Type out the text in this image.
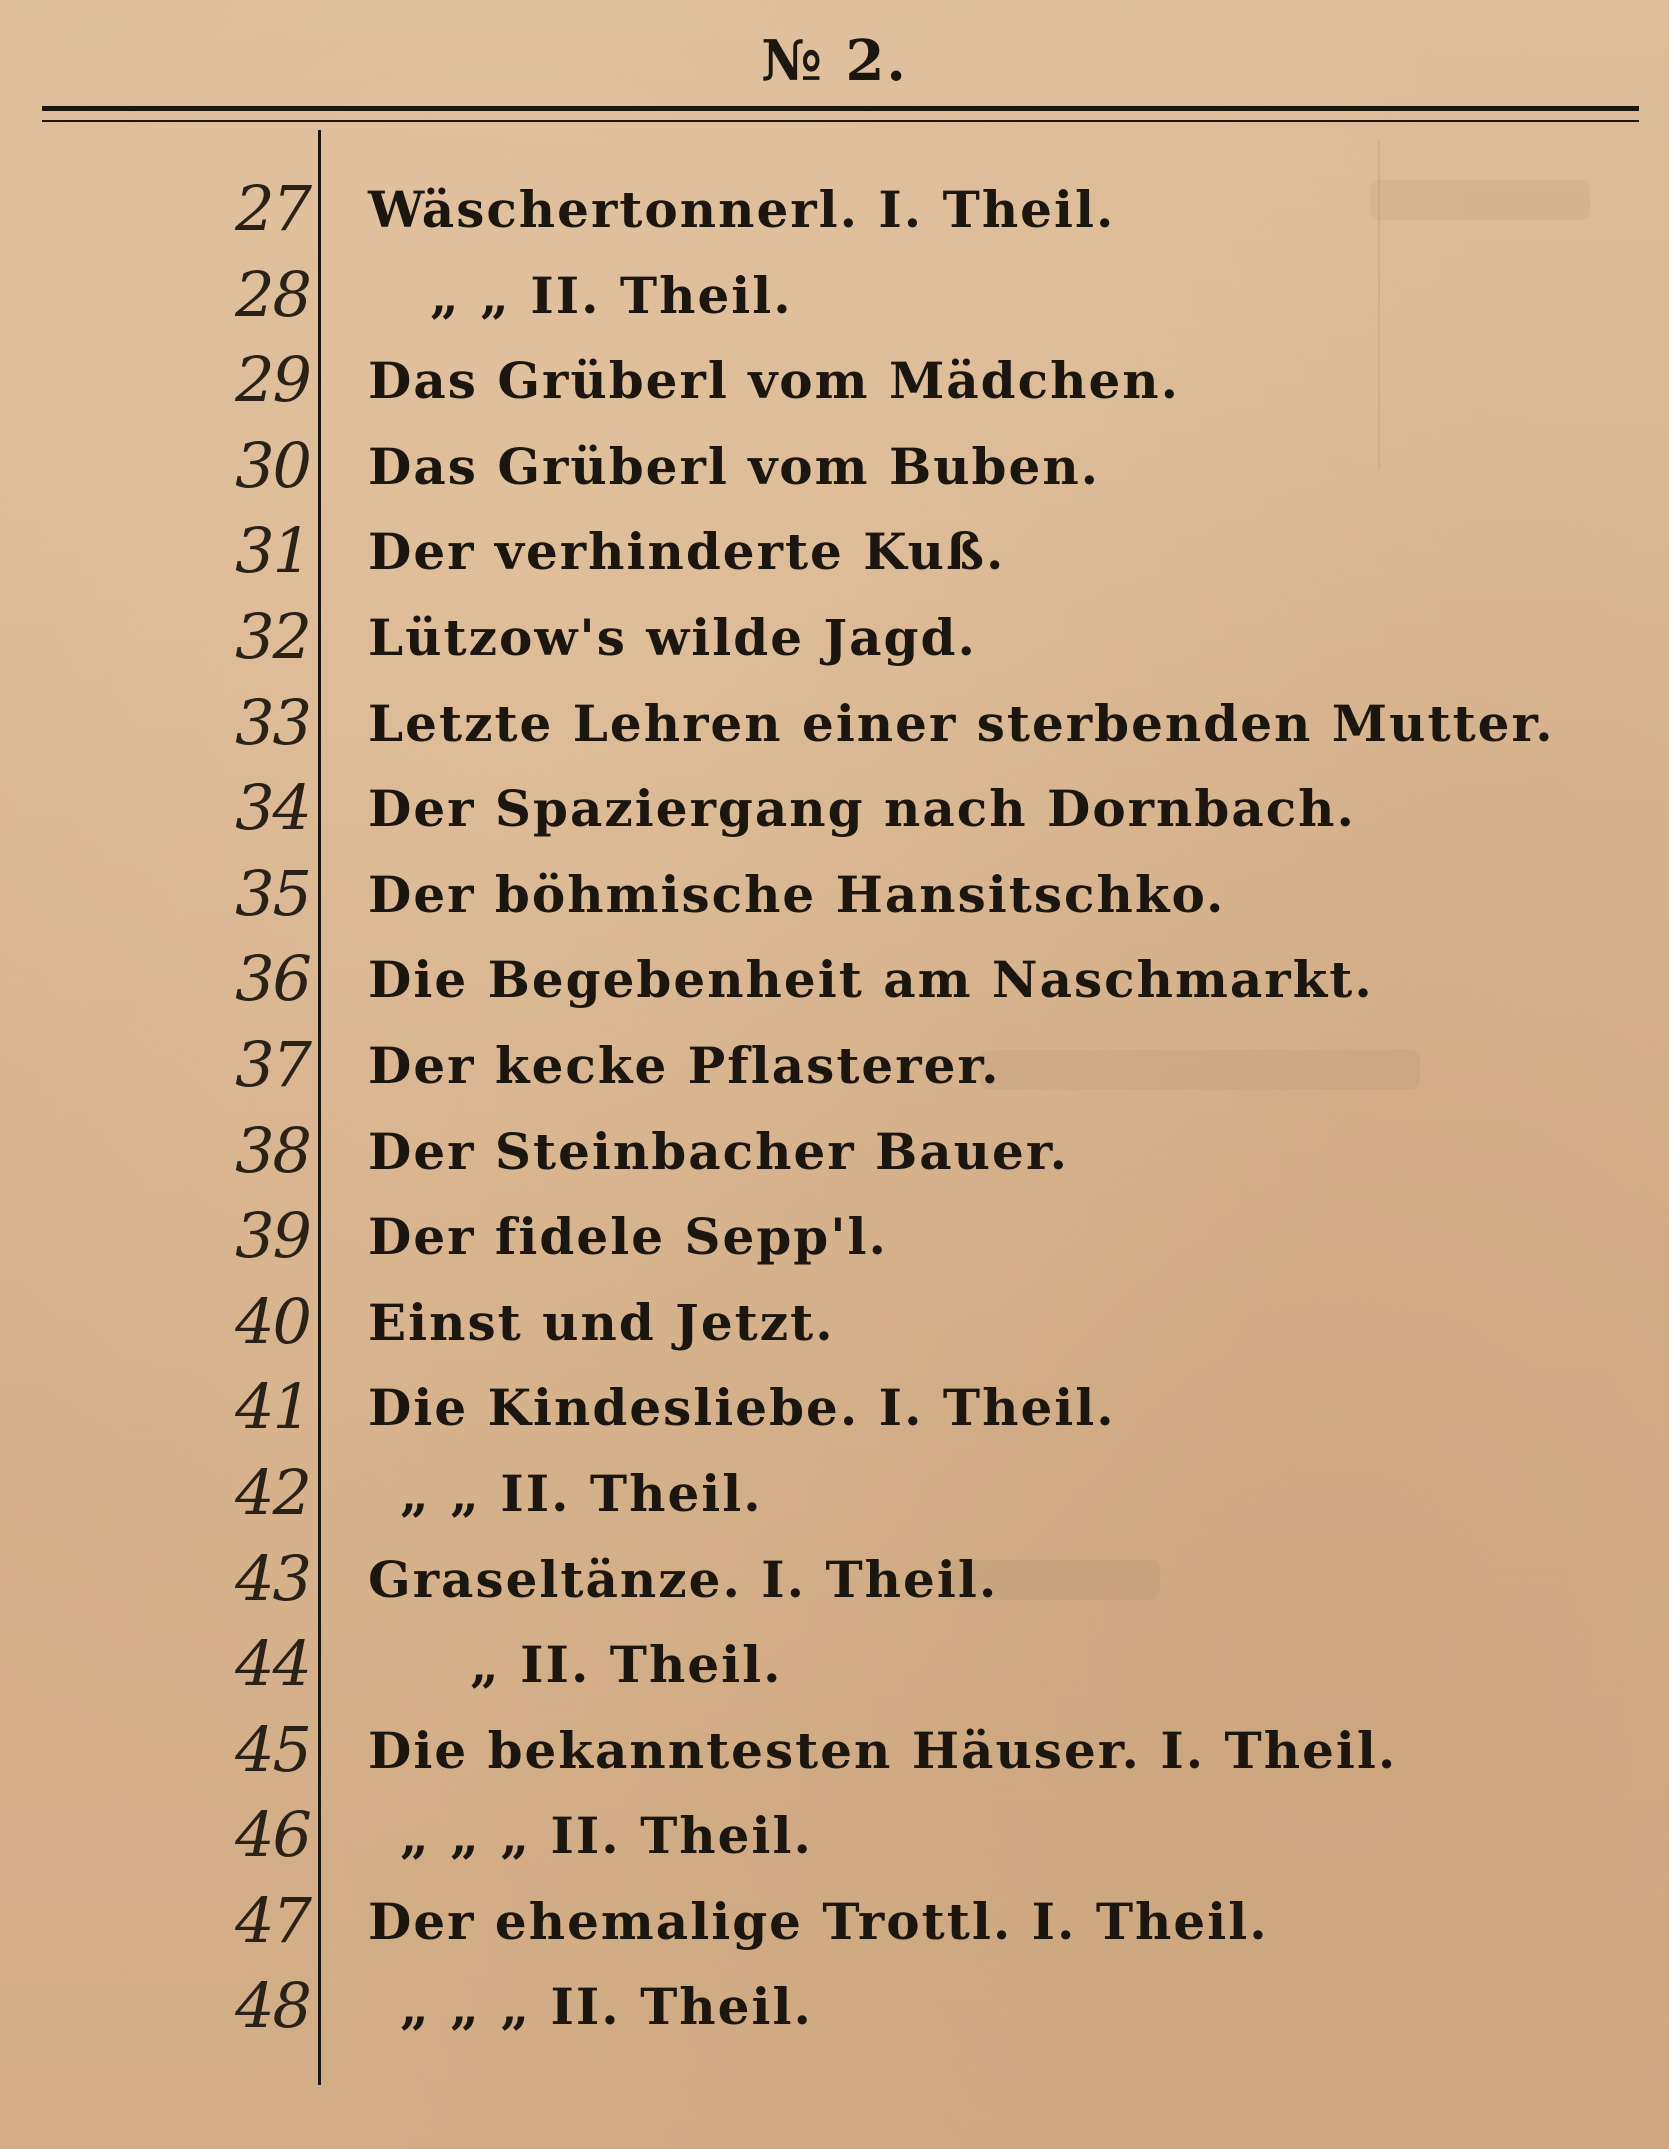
№ 2.
27 Wäschertonnerl. I. Theil.
28 „ „ II. Theil.
29 Das Grüberl vom Mädchen.
30 Das Grüberl vom Buben.
31 Der verhinderte Kuß.
32 Lützow's wilde Jagd.
33 Letzte Lehren einer sterbenden Mutter.
34 Der Spaziergang nach Dornbach.
35 Der böhmische Hansitschko.
36 Die Begebenheit am Naschmarkt.
37 Der kecke Pflasterer.
38 Der Steinbacher Bauer.
39 Der fidele Sepp'l.
40 Einst und Jetzt.
41 Die Kindesliebe. I. Theil.
42 „ „ II. Theil.
43 Graseltänze. I. Theil.
44	„ II. Theil.
45 Die bekanntesten Häuser. I. Theil.
46 „ „ „ II. Theil.
47 Der ehemalige Trottl. I. Theil.
48 „ „ „ II. Theil.
